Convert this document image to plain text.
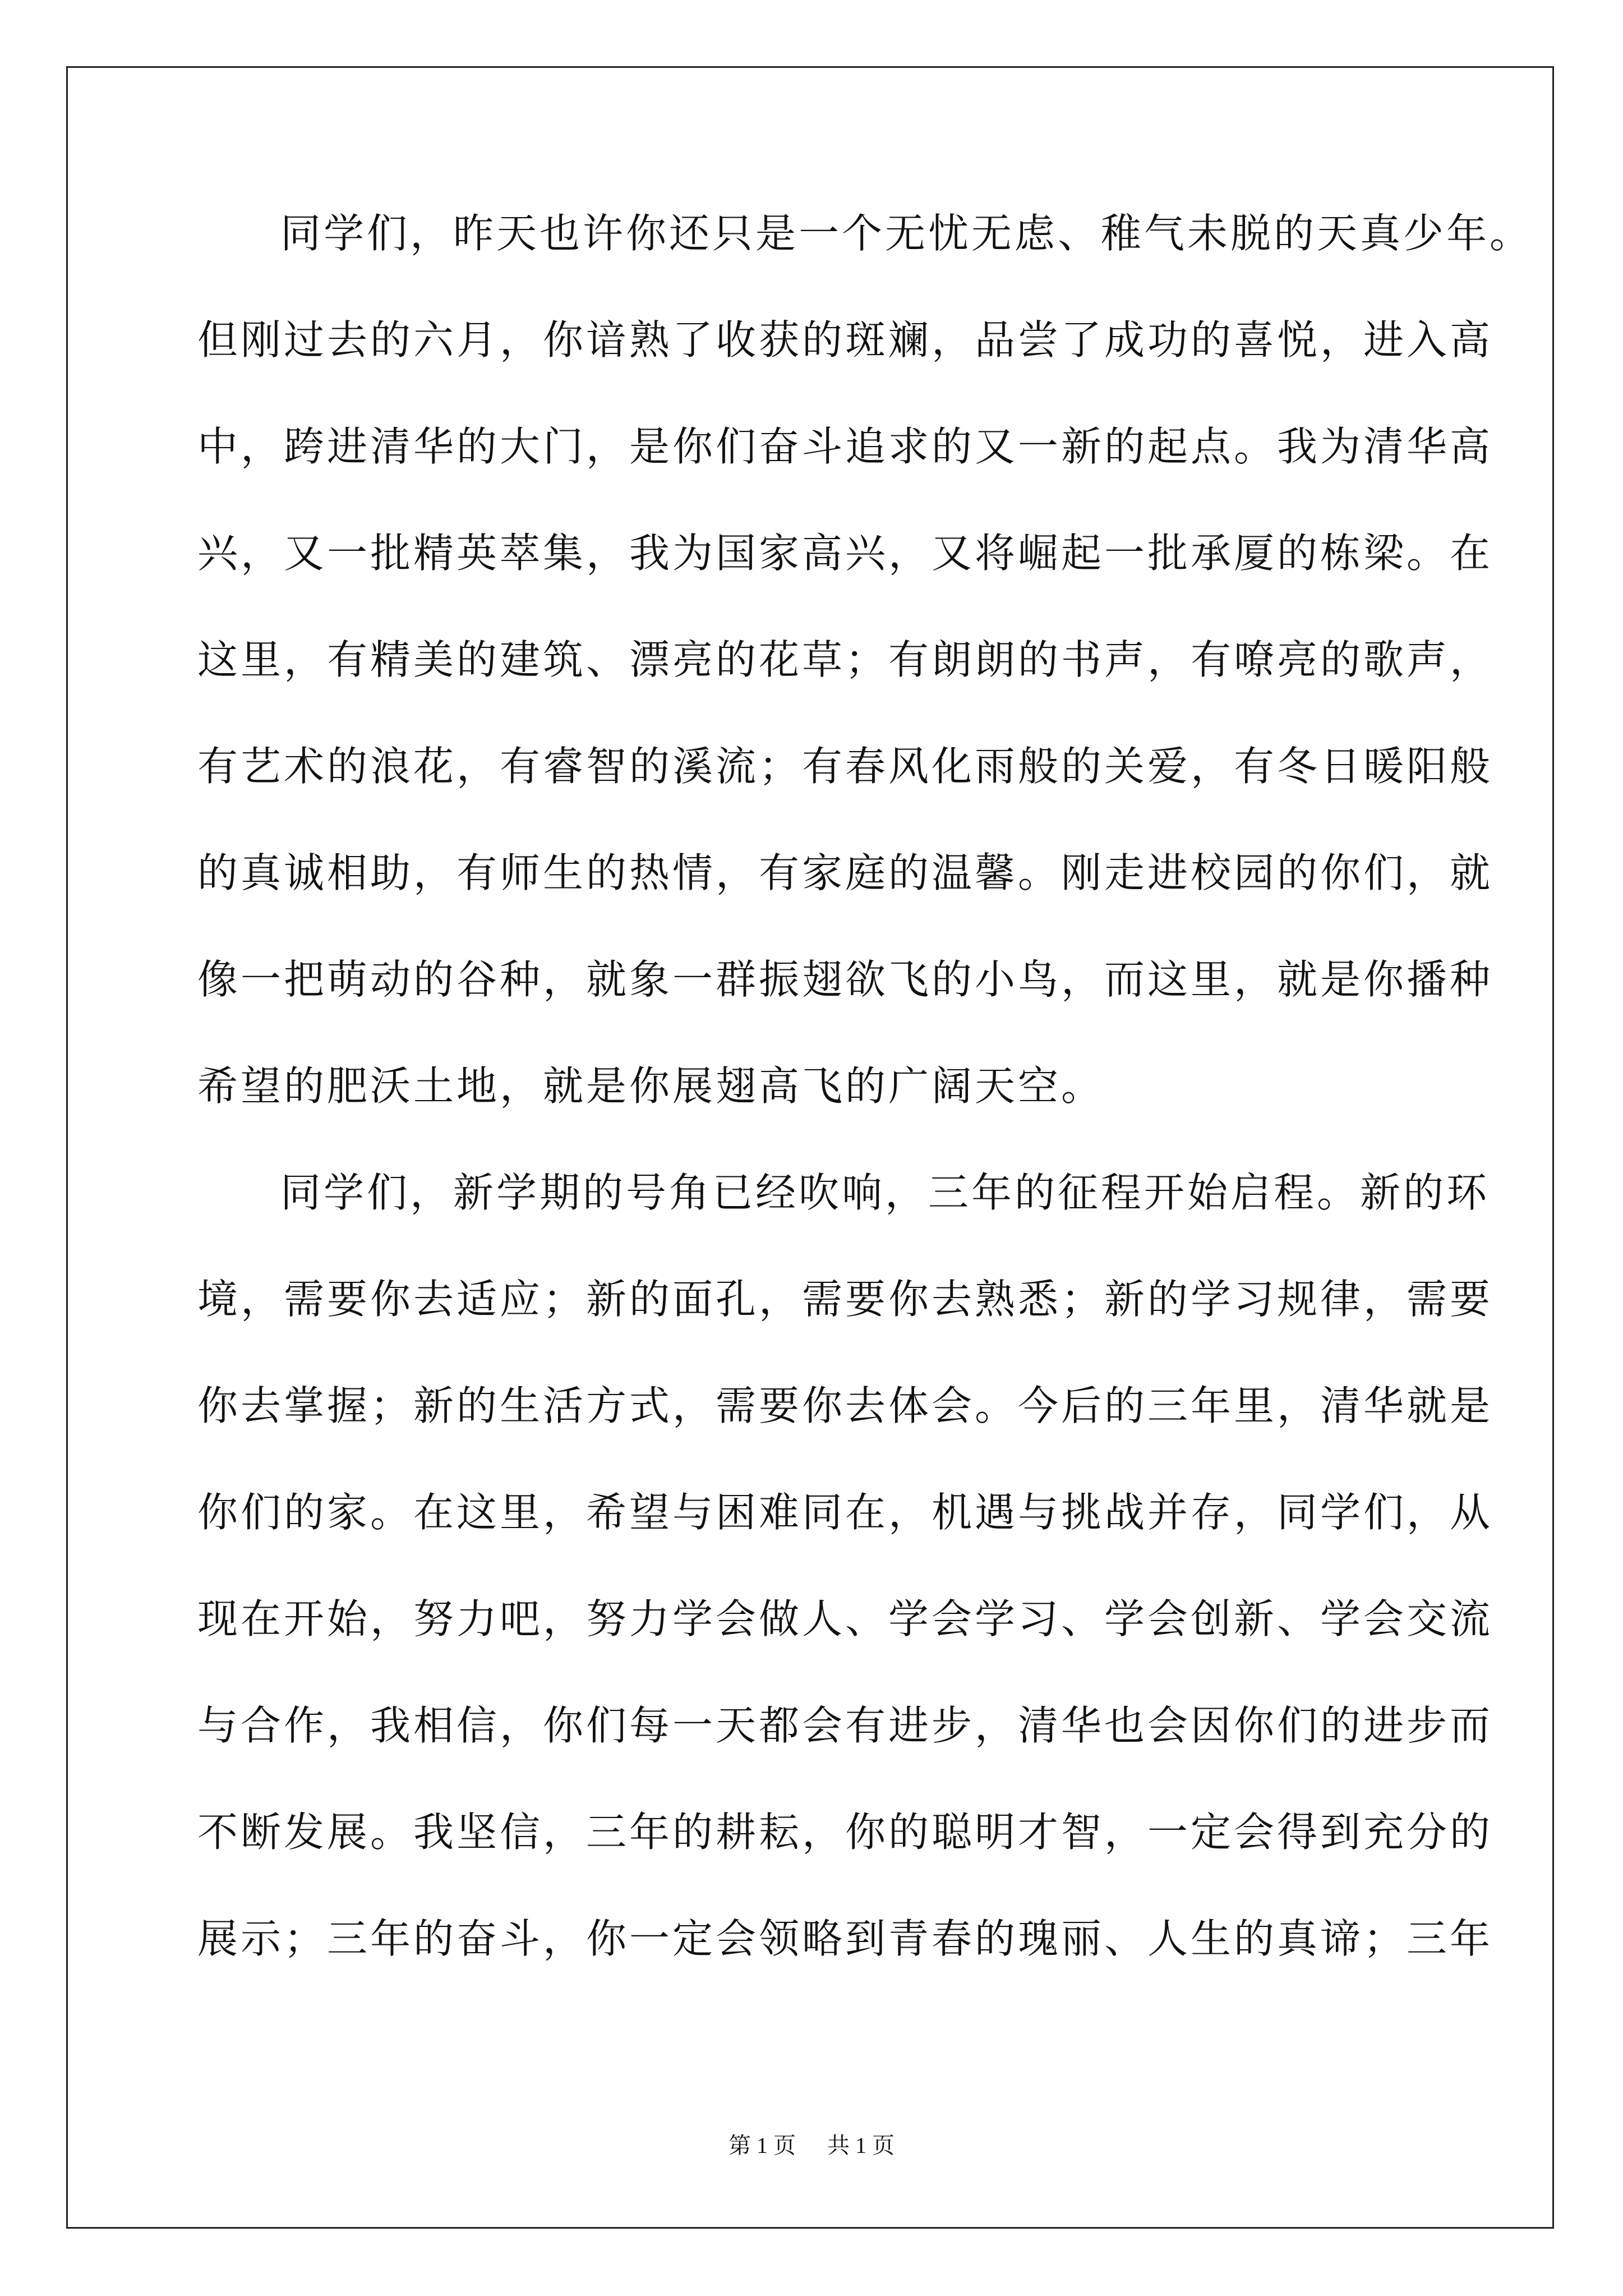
同学们，昨天也许你还只是一个无忧无虑、稚气未脱的天真少年。
但刚过去的六月，你谙熟了收获的斑斓，品尝了成功的喜悦，进入高
中，跨进清华的大门，是你们奋斗追求的又一新的起点。我为清华高
兴，又一批精英萃集，我为国家高兴，又将崛起一批承厦的栋梁。在
这里，有精美的建筑、漂亮的花草；有朗朗的书声，有嘹亮的歌声，
有艺术的浪花，有睿智的溪流；有春风化雨般的关爱，有冬日暖阳般
的真诚相助，有师生的热情，有家庭的温馨。刚走进校园的你们，就
像一把萌动的谷种，就象一群振翅欲飞的小鸟，而这里，就是你播种
希望的肥沃土地，就是你展翅高飞的广阔天空。
同学们，新学期的号角已经吹响，三年的征程开始启程。新的环
境，需要你去适应；新的面孔，需要你去熟悉；新的学习规律，需要
你去掌握；新的生活方式，需要你去体会。今后的三年里，清华就是
你们的家。在这里，希望与困难同在，机遇与挑战并存，同学们，从
现在开始，努力吧，努力学会做人、学会学习、学会创新、学会交流
与合作，我相信，你们每一天都会有进步，清华也会因你们的进步而
不断发展。我坚信，三年的耕耘，你的聪明才智，一定会得到充分的
展示；三年的奋斗，你一定会领略到青春的瑰丽、人生的真谛；三年
第 1 页 共 1 页
